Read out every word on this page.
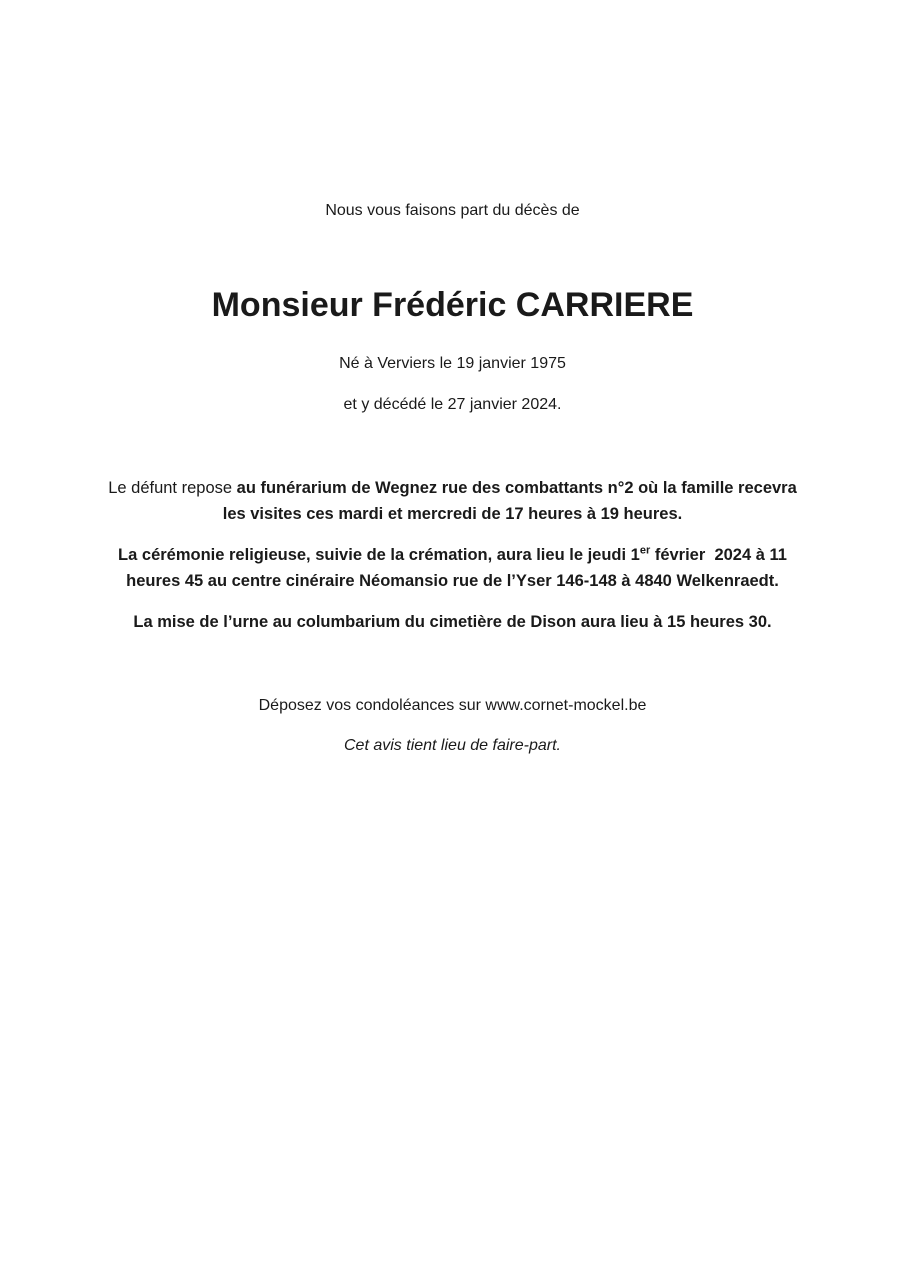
Nous vous faisons part du décès de
Monsieur Frédéric CARRIERE
Né à Verviers le 19 janvier 1975
et y décédé le 27 janvier 2024.
Le défunt repose au funérarium de Wegnez rue des combattants n°2 où la famille recevra les visites ces mardi et mercredi de 17 heures à 19 heures.
La cérémonie religieuse, suivie de la crémation, aura lieu le jeudi 1er février  2024 à 11 heures 45 au centre cinéraire Néomansio rue de l’Yser 146-148 à 4840 Welkenraedt.
La mise de l’urne au columbarium du cimetière de Dison aura lieu à 15 heures 30.
Déposez vos condoléances sur www.cornet-mockel.be
Cet avis tient lieu de faire-part.
